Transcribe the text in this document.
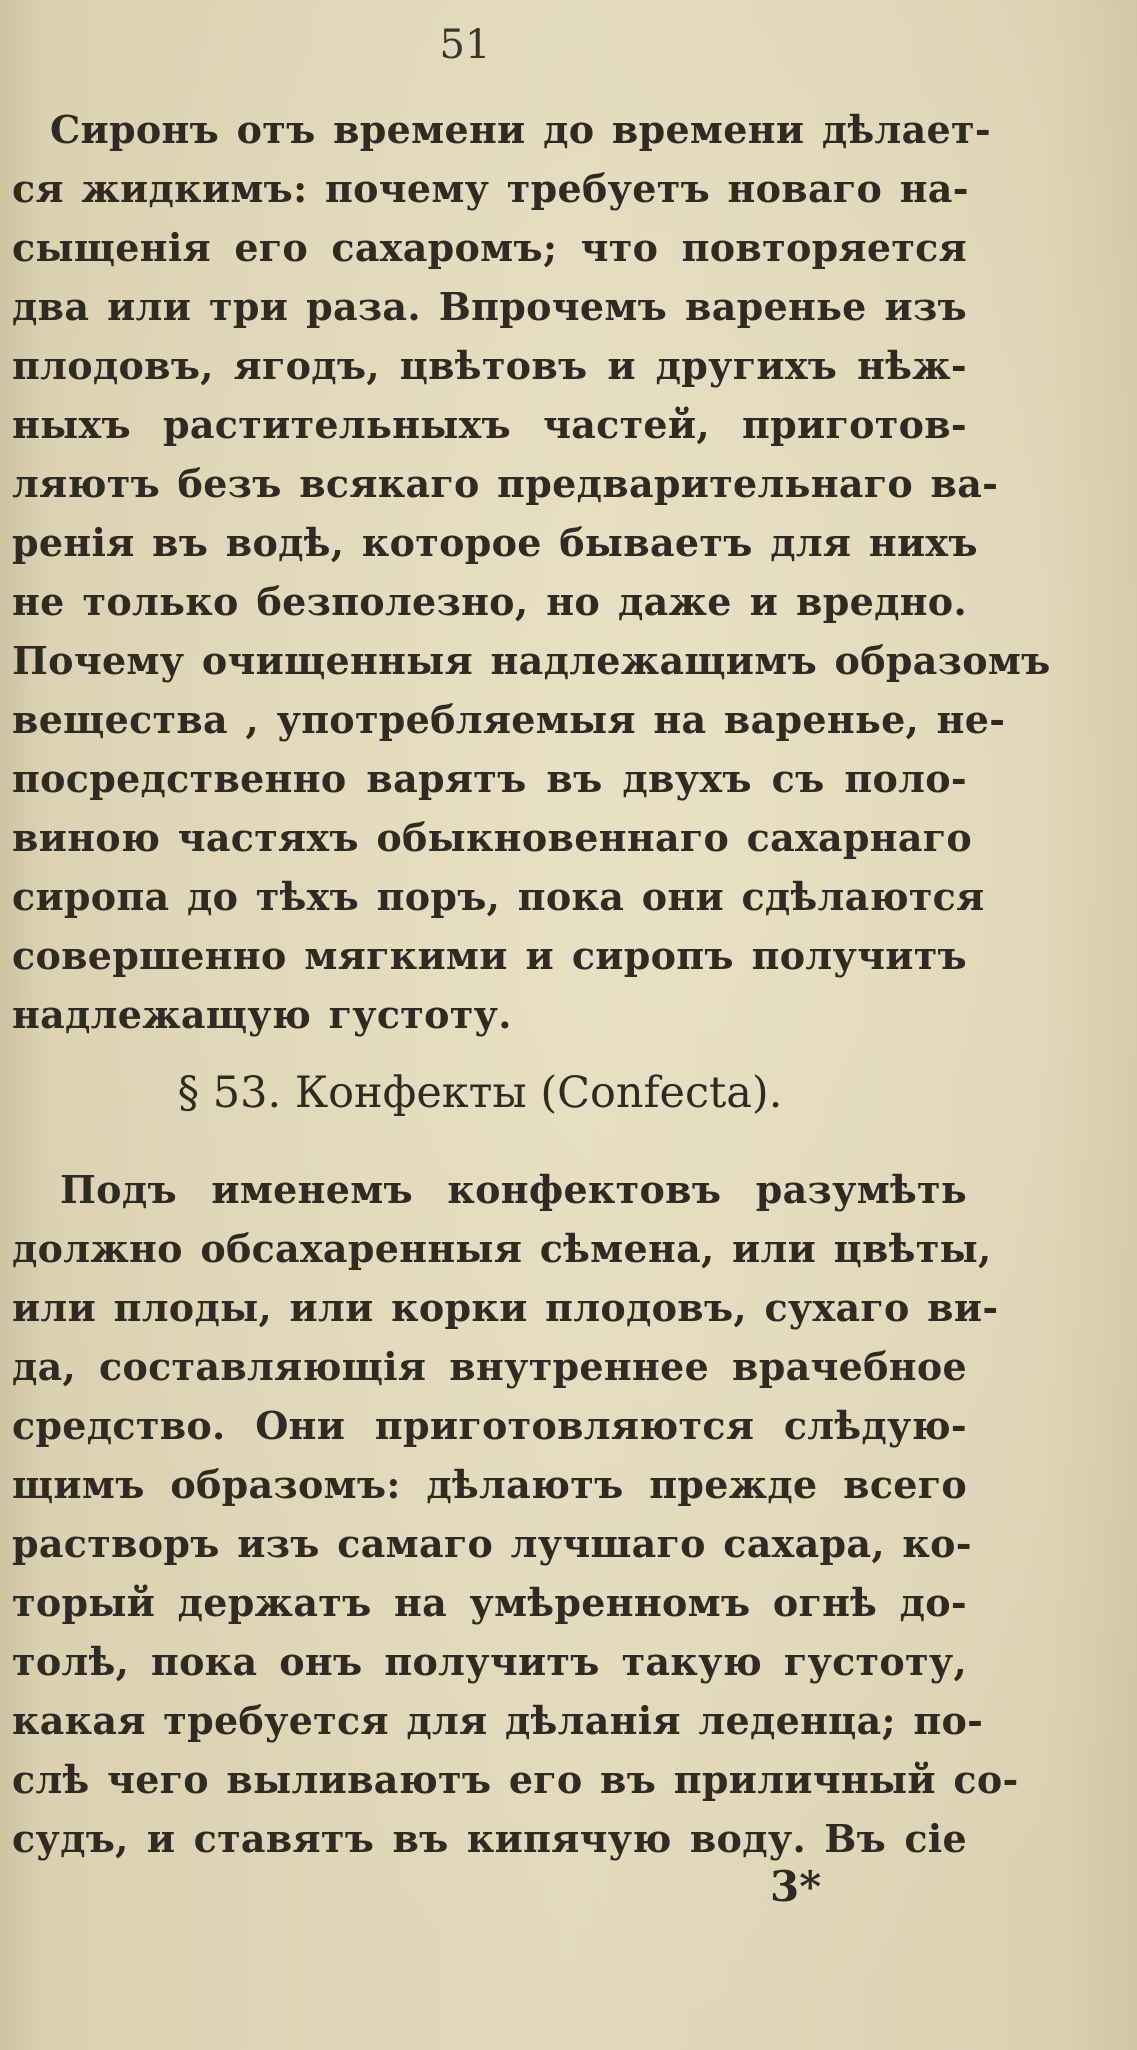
51
Сиронъ отъ времени до времени дѣлает-
ся жидкимъ: почему требуетъ новаго на-
сыщенія его сахаромъ; что повторяется
два или три раза. Впрочемъ варенье изъ
плодовъ, ягодъ, цвѣтовъ и другихъ нѣж-
ныхъ растительныхъ частей, приготов-
ляютъ безъ всякаго предварительнаго ва-
ренія въ водѣ, которое бываетъ для нихъ
не только безполезно, но даже и вредно.
Почему очищенныя надлежащимъ образомъ
вещества , употребляемыя на варенье, не-
посредственно варятъ въ двухъ съ поло-
виною частяхъ обыкновеннаго сахарнаго
сиропа до тѣхъ поръ, пока они сдѣлаются
совершенно мягкими и сиропъ получитъ
надлежащую густоту.
§ 53. Конфекты (Confecta).
Подъ именемъ конфектовъ разумѣть
должно обсахаренныя сѣмена, или цвѣты,
или плоды, или корки плодовъ, сухаго ви-
да, составляющія внутреннее врачебное
средство. Они приготовляются слѣдую-
щимъ образомъ: дѣлаютъ прежде всего
растворъ изъ самаго лучшаго сахара, ко-
торый держатъ на умѣренномъ огнѣ до-
толѣ, пока онъ получитъ такую густоту,
какая требуется для дѣланія леденца; по-
слѣ чего выливаютъ его въ приличный со-
судъ, и ставятъ въ кипячую воду. Въ сіе
3*
